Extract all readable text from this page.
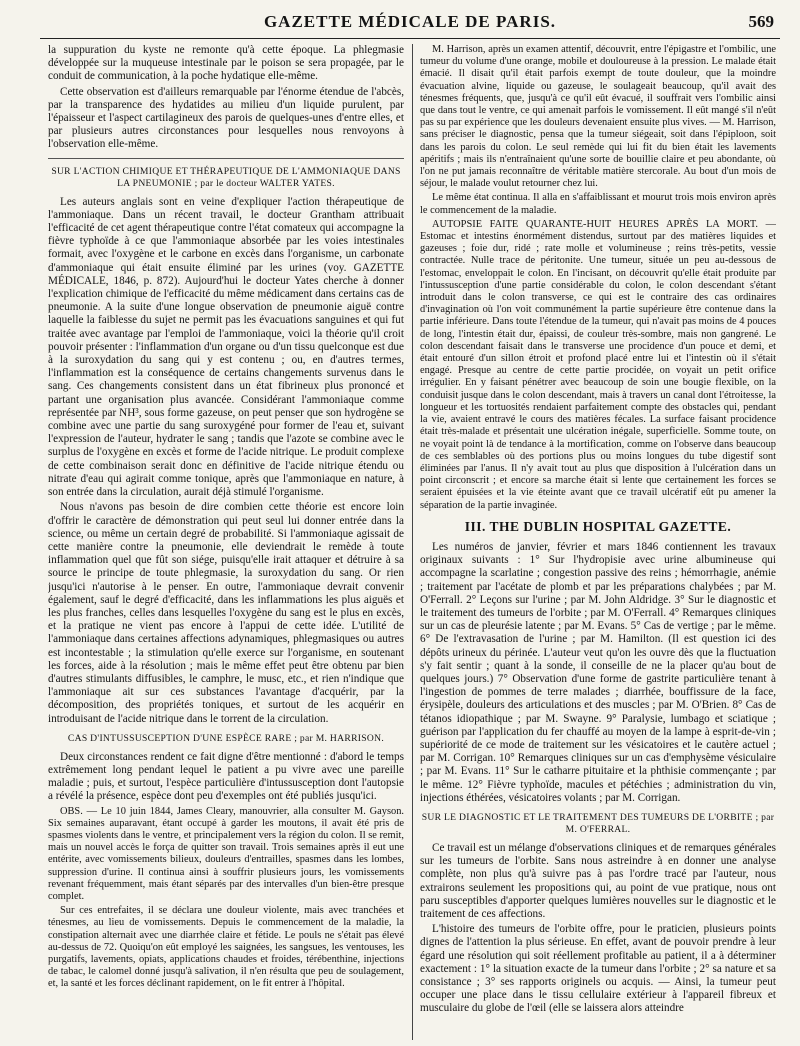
GAZETTE MÉDICALE DE PARIS.	569

la suppuration du kyste ne remonte qu'à cette époque. La phlegmasie développée sur la muqueuse intestinale par le poison se sera propagée, par le conduit de communication, à la poche hydatique elle-même.

Cette observation est d'ailleurs remarquable par l'énorme étendue de l'abcès, par la transparence des hydatides au milieu d'un liquide purulent, par l'épaisseur et l'aspect cartilagineux des parois de quelques-unes d'entre elles, et par plusieurs autres circonstances pour lesquelles nous renvoyons à l'observation elle-même.

SUR L'ACTION CHIMIQUE ET THÉRAPEUTIQUE DE L'AMMONIAQUE DANS LA PNEUMONIE ; par le docteur WALTER YATES.

Les auteurs anglais sont en veine d'expliquer l'action thérapeutique de l'ammoniaque. Dans un récent travail, le docteur Grantham attribuait l'efficacité de cet agent thérapeutique contre l'état comateux qui accompagne la fièvre typhoïde à ce que l'ammoniaque absorbée par les voies intestinales formait, avec l'oxygène et le carbone en excès dans l'organisme, un carbonate d'ammoniaque qui était ensuite éliminé par les urines (voy. GAZETTE MÉDICALE, 1846, p. 872). Aujourd'hui le docteur Yates cherche à donner l'explication chimique de l'efficacité du même médicament dans certains cas de pneumonie. A la suite d'une longue observation de pneumonie aiguë contre laquelle la faiblesse du sujet ne permit pas les évacuations sanguines et qui fut traitée avec avantage par l'emploi de l'ammoniaque, voici la théorie qu'il croit pouvoir présenter : l'inflammation d'un organe ou d'un tissu quelconque est due à la suroxydation du sang qui y est contenu ; ou, en d'autres termes, l'inflammation est la conséquence de certains changements survenus dans le sang. Ces changements consistent dans un état fibrineux plus prononcé et partant une organisation plus avancée. Considérant l'ammoniaque comme représentée par NH³, sous forme gazeuse, on peut penser que son hydrogène se combine avec une partie du sang suroxygéné pour former de l'eau et, suivant l'expression de l'auteur, hydrater le sang ; tandis que l'azote se combine avec le surplus de l'oxygène en excès et forme de l'acide nitrique. Le produit complexe de cette combinaison serait donc en définitive de l'acide nitrique étendu ou nitrate d'eau qui agirait comme tonique, après que l'ammoniaque en nature, à son entrée dans la circulation, aurait déjà stimulé l'organisme.

Nous n'avons pas besoin de dire combien cette théorie est encore loin d'offrir le caractère de démonstration qui peut seul lui donner entrée dans la science, ou même un certain degré de probabilité. Si l'ammoniaque agissait de cette manière contre la pneumonie, elle deviendrait le remède à toute inflammation quel que fût son siége, puisqu'elle irait attaquer et détruire à sa source le principe de toute phlegmasie, la suroxydation du sang. Or rien jusqu'ici n'autorise à le penser. En outre, l'ammoniaque devrait convenir également, sauf le degré d'efficacité, dans les inflammations les plus aiguës et les plus franches, celles dans lesquelles l'oxygène du sang est le plus en excès, et la pratique ne vient pas encore à l'appui de cette idée. L'utilité de l'ammoniaque dans certaines affections adynamiques, phlegmasiques ou autres est incontestable ; la stimulation qu'elle exerce sur l'organisme, en soutenant les forces, aide à la résolution ; mais le même effet peut être obtenu par bien d'autres stimulants diffusibles, le camphre, le musc, etc., et rien n'indique que l'ammoniaque ait sur ces substances l'avantage d'acquérir, par la décomposition, des propriétés toniques, et surtout de les acquérir en introduisant de l'acide nitrique dans le torrent de la circulation.

CAS D'INTUSSUSCEPTION D'UNE ESPÈCE RARE ; par M. HARRISON.

Deux circonstances rendent ce fait digne d'être mentionné : d'abord le temps extrêmement long pendant lequel le patient a pu vivre avec une pareille maladie ; puis, et surtout, l'espèce particulière d'intussusception dont l'autopsie a révélé la présence, espèce dont peu d'exemples ont été publiés jusqu'ici.

OBS. — Le 10 juin 1844, James Cleary, manouvrier, alla consulter M. Gayson. Six semaines auparavant, étant occupé à garder les moutons, il avait été pris de spasmes violents dans le ventre, et principalement vers la région du colon. Il se remit, mais un nouvel accès le força de quitter son travail. Trois semaines après il eut une entérite, avec vomissements bilieux, douleurs d'entrailles, spasmes dans les lombes, suppression d'urine. Il continua ainsi à souffrir plusieurs jours, les vomissements revenant fréquemment, mais étant séparés par des intervalles d'un bien-être presque complet.

Sur ces entrefaites, il se déclara une douleur violente, mais avec tranchées et ténesmes, au lieu de vomissements. Depuis le commencement de la maladie, la constipation alternait avec une diarrhée claire et fétide. Le pouls ne s'était pas élevé au-dessus de 72. Quoiqu'on eût employé les saignées, les sangsues, les ventouses, les purgatifs, lavements, opiats, applications chaudes et froides, térébenthine, injections de tabac, le calomel donné jusqu'à salivation, il n'en résulta que peu de soulagement, et, la santé et les forces déclinant rapidement, on le fit entrer à l'hôpital.

M. Harrison, après un examen attentif, découvrit, entre l'épigastre et l'ombilic, une tumeur du volume d'une orange, mobile et douloureuse à la pression. Le malade était émacié. Il disait qu'il était parfois exempt de toute douleur, que la moindre évacuation alvine, liquide ou gazeuse, le soulageait beaucoup, qu'il avait des ténesmes fréquents, que, jusqu'à ce qu'il eût évacué, il souffrait vers l'ombilic ainsi que dans tout le ventre, ce qui amenait parfois le vomissement. Il eût mangé s'il n'eût pas su par expérience que les douleurs devenaient ensuite plus vives. — M. Harrison, sans préciser le diagnostic, pensa que la tumeur siégeait, soit dans l'épiploon, soit dans les parois du colon. Le seul remède qui lui fit du bien était les lavements apéritifs ; mais ils n'entraînaient qu'une sorte de bouillie claire et peu abondante, où l'on ne put jamais reconnaître de véritable matière stercorale. Au bout d'un mois de séjour, le malade voulut retourner chez lui.

Le même état continua. Il alla en s'affaiblissant et mourut trois mois environ après le commencement de la maladie.

AUTOPSIE FAITE QUARANTE-HUIT HEURES APRÈS LA MORT. — Estomac et intestins énormément distendus, surtout par des matières liquides et gazeuses ; foie dur, ridé ; rate molle et volumineuse ; reins très-petits, vessie contractée. Nulle trace de péritonite. Une tumeur, située un peu au-dessous de l'estomac, enveloppait le colon. En l'incisant, on découvrit qu'elle était produite par l'intussusception d'une partie considérable du colon, le colon descendant s'étant introduit dans le colon transverse, ce qui est le contraire des cas ordinaires d'invagination où l'on voit communément la partie supérieure être contenue dans la partie inférieure. Dans toute l'étendue de la tumeur, qui n'avait pas moins de 4 pouces de long, l'intestin était dur, épaissi, de couleur très-sombre, mais non gangrené. Le colon descendant faisait dans le transverse une procidence d'un pouce et demi, et était entouré d'un sillon étroit et profond placé entre lui et l'intestin où il s'était engagé. Presque au centre de cette partie procidée, on voyait un petit orifice irrégulier. En y faisant pénétrer avec beaucoup de soin une bougie flexible, on la conduisit jusque dans le colon descendant, mais à travers un canal dont l'étroitesse, la longueur et les tortuosités rendaient parfaitement compte des obstacles qui, pendant la vie, avaient entravé le cours des matières fécales. La surface faisant procidence était très-malade et présentait une ulcération inégale, superficielle. Somme toute, on ne voyait point là de tendance à la mortification, comme on l'observe dans beaucoup de ces semblables où des portions plus ou moins longues du tube digestif sont éliminées par l'anus. Il n'y avait tout au plus que disposition à l'ulcération dans un point circonscrit ; et encore sa marche était si lente que certainement les forces se seraient épuisées et la vie éteinte avant que ce travail ulcératif eût pu amener la séparation de la partie invaginée.

III. THE DUBLIN HOSPITAL GAZETTE.

Les numéros de janvier, février et mars 1846 contiennent les travaux originaux suivants : 1° Sur l'hydropisie avec urine albumineuse qui accompagne la scarlatine ; congestion passive des reins ; hémorrhagie, anémie ; traitement par l'acétate de plomb et par les préparations chalybées ; par M. O'Ferrall. 2° Leçons sur l'urine ; par M. John Aldridge. 3° Sur le diagnostic et le traitement des tumeurs de l'orbite ; par M. O'Ferrall. 4° Remarques cliniques sur un cas de pleurésie latente ; par M. Evans. 5° Cas de vertige ; par le même. 6° De l'extravasation de l'urine ; par M. Hamilton. (Il est question ici des dépôts urineux du périnée. L'auteur veut qu'on les ouvre dès que la fluctuation s'y fait sentir ; quant à la sonde, il conseille de ne la placer qu'au bout de quelques jours.) 7° Observation d'une forme de gastrite particulière tenant à l'ingestion de pommes de terre malades ; diarrhée, bouffissure de la face, érysipèle, douleurs des articulations et des muscles ; par M. O'Brien. 8° Cas de tétanos idiopathique ; par M. Swayne. 9° Paralysie, lumbago et sciatique ; guérison par l'application du fer chauffé au moyen de la lampe à esprit-de-vin ; supériorité de ce mode de traitement sur les vésicatoires et le cautère actuel ; par M. Corrigan. 10° Remarques cliniques sur un cas d'emphysème vésiculaire ; par M. Evans. 11° Sur le catharre pituitaire et la phthisie commençante ; par le même. 12° Fièvre typhoïde, macules et pétéchies ; administration du vin, injections éthérées, vésicatoires volants ; par M. Corrigan.

SUR LE DIAGNOSTIC ET LE TRAITEMENT DES TUMEURS DE L'ORBITE ; par M. O'FERRAL.

Ce travail est un mélange d'observations cliniques et de remarques générales sur les tumeurs de l'orbite. Sans nous astreindre à en donner une analyse complète, non plus qu'à suivre pas à pas l'ordre tracé par l'auteur, nous extrairons seulement les propositions qui, au point de vue pratique, nous ont paru susceptibles d'apporter quelques lumières nouvelles sur le diagnostic et le traitement de ces affections.

L'histoire des tumeurs de l'orbite offre, pour le praticien, plusieurs points dignes de l'attention la plus sérieuse. En effet, avant de pouvoir prendre à leur égard une résolution qui soit réellement profitable au patient, il a à déterminer exactement : 1° la situation exacte de la tumeur dans l'orbite ; 2° sa nature et sa consistance ; 3° ses rapports originels ou acquis. — Ainsi, la tumeur peut occuper une place dans le tissu cellulaire extérieur à l'appareil fibreux et musculaire du globe de l'œil (elle se laissera alors atteindre
